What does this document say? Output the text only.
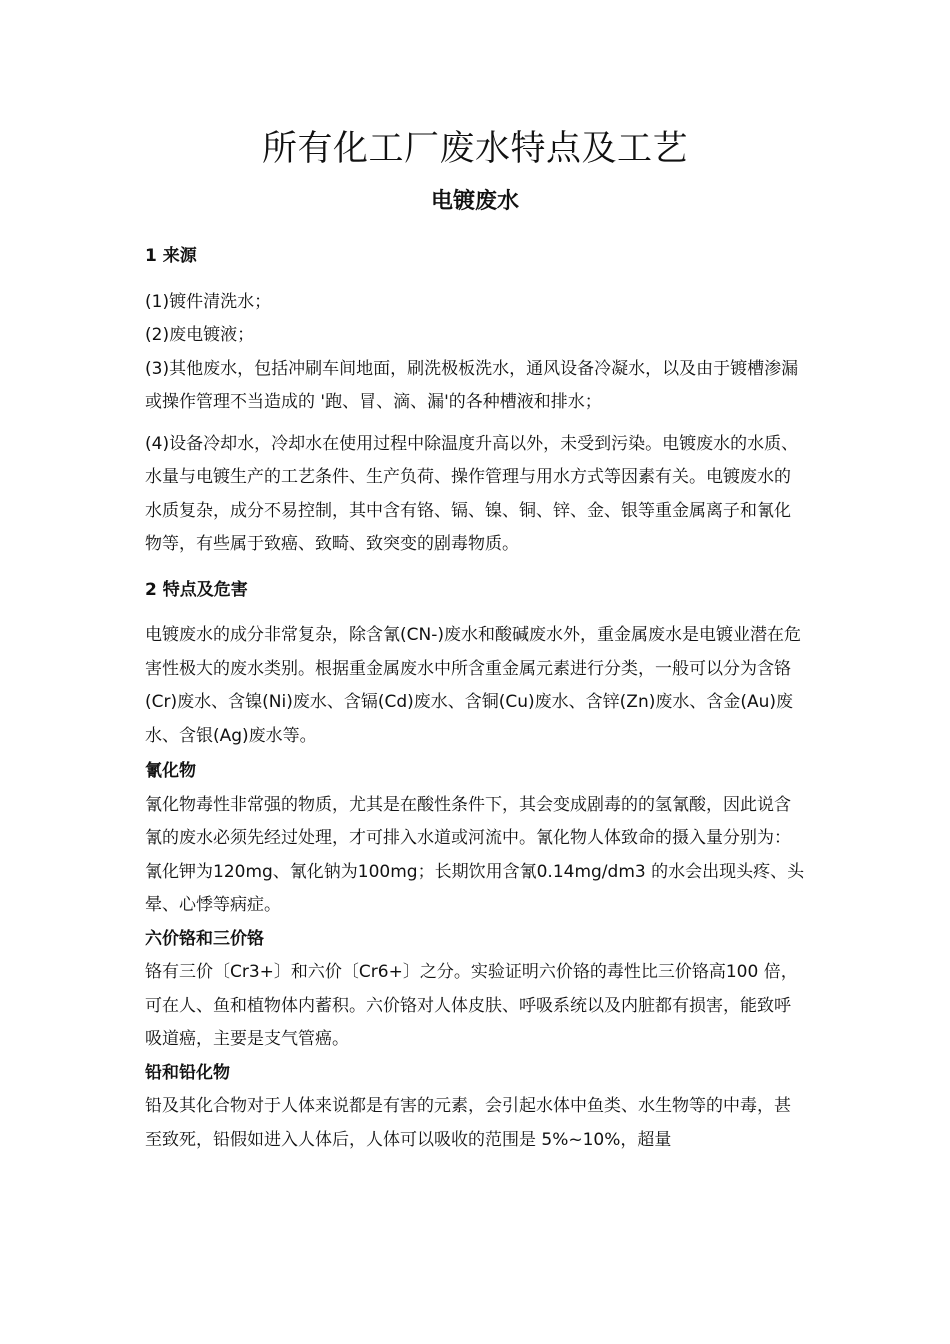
所有化工厂废水特点及工艺
电镀废水

1 来源

(1)镀件清洗水；

(2)废电镀液；

(3)其他废水，包括冲刷车间地面，刷洗极板洗水，通风设备冷凝水，以及由于镀槽渗漏或操作管理不当造成的 '跑、冒、滴、漏'的各种槽液和排水；

(4)设备冷却水，冷却水在使用过程中除温度升高以外，未受到污染。电镀废水的水质、水量与电镀生产的工艺条件、生产负荷、操作管理与用水方式等因素有关。电镀废水的水质复杂，成分不易控制，其中含有铬、镉、镍、铜、锌、金、银等重金属离子和氰化物等，有些属于致癌、致畸、致突变的剧毒物质。

2 特点及危害

电镀废水的成分非常复杂，除含氰(CN-)废水和酸碱废水外，重金属废水是电镀业潜在危害性极大的废水类别。根据重金属废水中所含重金属元素进行分类，一般可以分为含铬(Cr)废水、含镍(Ni)废水、含镉(Cd)废水、含铜(Cu)废水、含锌(Zn)废水、含金(Au)废水、含银(Ag)废水等。

氰化物

氰化物毒性非常强的物质，尤其是在酸性条件下，其会变成剧毒的的氢氰酸，因此说含氰的废水必须先经过处理，才可排入水道或河流中。氰化物人体致命的摄入量分别为：氰化钾为120mg、氰化钠为100mg；长期饮用含氰0.14mg/dm3 的水会出现头疼、头晕、心悸等病症。

六价铬和三价铬

铬有三价〔Cr3+〕和六价〔Cr6+〕之分。实验证明六价铬的毒性比三价铬高100 倍，可在人、鱼和植物体内蓄积。六价铬对人体皮肤、呼吸系统以及内脏都有损害，能致呼吸道癌，主要是支气管癌。

铅和铅化物

铅及其化合物对于人体来说都是有害的元素，会引起水体中鱼类、水生物等的中毒，甚至致死，铅假如进入人体后，人体可以吸收的范围是 5%~10%，超量
